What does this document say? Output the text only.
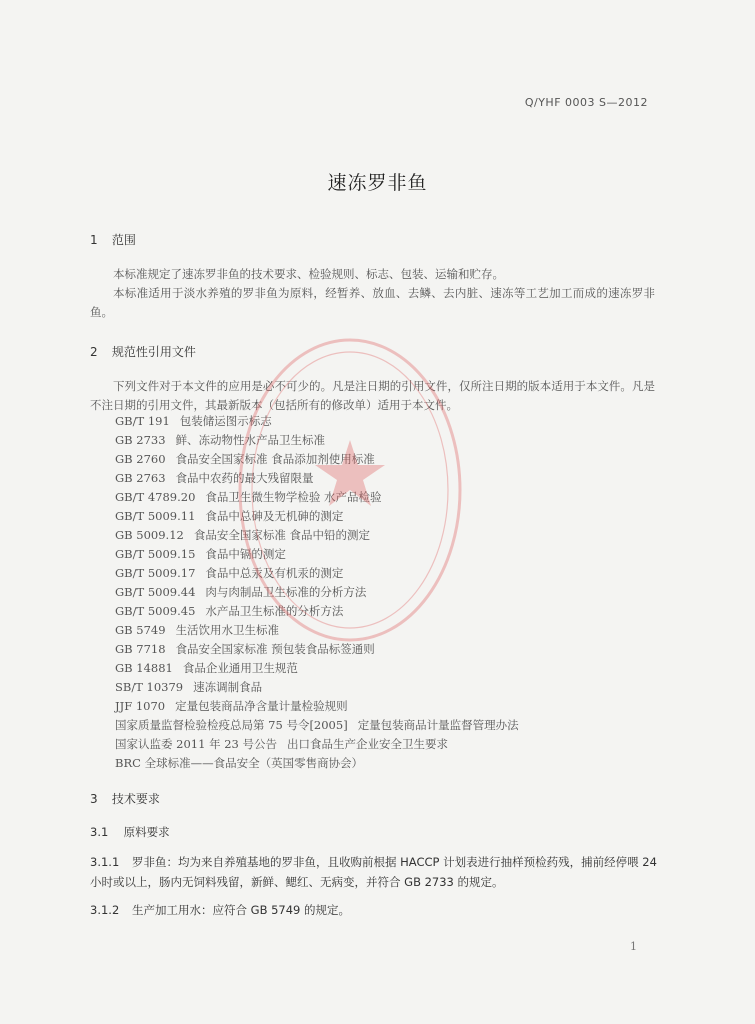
Q/YHF 0003 S—2012
速冻罗非鱼
1 范围
本标准规定了速冻罗非鱼的技术要求、检验规则、标志、包装、运输和贮存。
本标准适用于淡水养殖的罗非鱼为原料，经暂养、放血、去鳞、去内脏、速冻等工艺加工而成的速冻罗非鱼。
2 规范性引用文件
下列文件对于本文件的应用是必不可少的。凡是注日期的引用文件，仅所注日期的版本适用于本文件。凡是不注日期的引用文件，其最新版本（包括所有的修改单）适用于本文件。
GB/T 191 包装储运图示标志
GB 2733 鲜、冻动物性水产品卫生标准
GB 2760 食品安全国家标准 食品添加剂使用标准
GB 2763 食品中农药的最大残留限量
GB/T 4789.20 食品卫生微生物学检验 水产品检验
GB/T 5009.11 食品中总砷及无机砷的测定
GB 5009.12 食品安全国家标准 食品中铅的测定
GB/T 5009.15 食品中镉的测定
GB/T 5009.17 食品中总汞及有机汞的测定
GB/T 5009.44 肉与肉制品卫生标准的分析方法
GB/T 5009.45 水产品卫生标准的分析方法
GB 5749 生活饮用水卫生标准
GB 7718 食品安全国家标准 预包装食品标签通则
GB 14881 食品企业通用卫生规范
SB/T 10379 速冻调制食品
JJF 1070 定量包装商品净含量计量检验规则
国家质量监督检验检疫总局第 75 号令[2005] 定量包装商品计量监督管理办法
国家认监委 2011 年 23 号公告 出口食品生产企业安全卫生要求
BRC 全球标准——食品安全（英国零售商协会）
3 技术要求
3.1 原料要求
3.1.1 罗非鱼：均为来自养殖基地的罗非鱼，且收购前根据 HACCP 计划表进行抽样预检药残，捕前经停喂 24 小时或以上，肠内无饲料残留，新鲜、鳃红、无病变，并符合 GB 2733 的规定。
3.1.2 生产加工用水：应符合 GB 5749 的规定。
1
